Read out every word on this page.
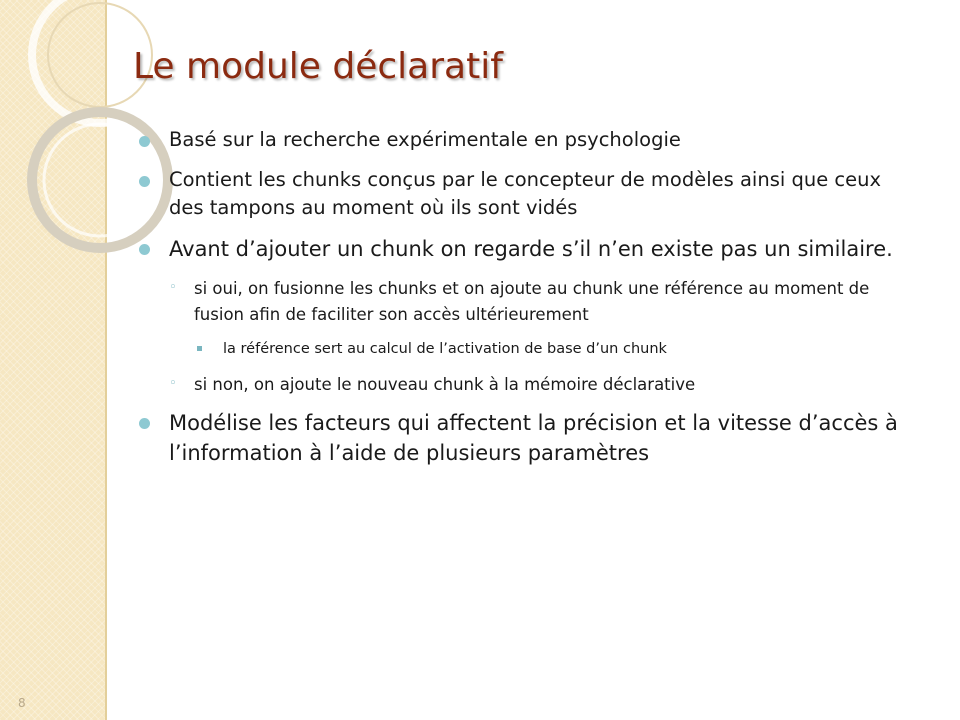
Le module déclaratif
Basé sur la recherche expérimentale en psychologie
Contient les chunks conçus par le concepteur de modèles ainsi que ceux des tampons au moment où ils sont vidés
Avant d’ajouter un chunk on regarde s’il n’en existe pas un similaire.
◦ si oui, on fusionne les chunks et on ajoute au chunk une référence au moment de fusion afin de faciliter son accès ultérieurement
la référence sert au calcul de l’activation de base d’un chunk
◦ si non, on ajoute le nouveau chunk à la mémoire déclarative
Modélise les facteurs qui affectent la précision et la vitesse d’accès à l’information à l’aide de plusieurs paramètres
8
